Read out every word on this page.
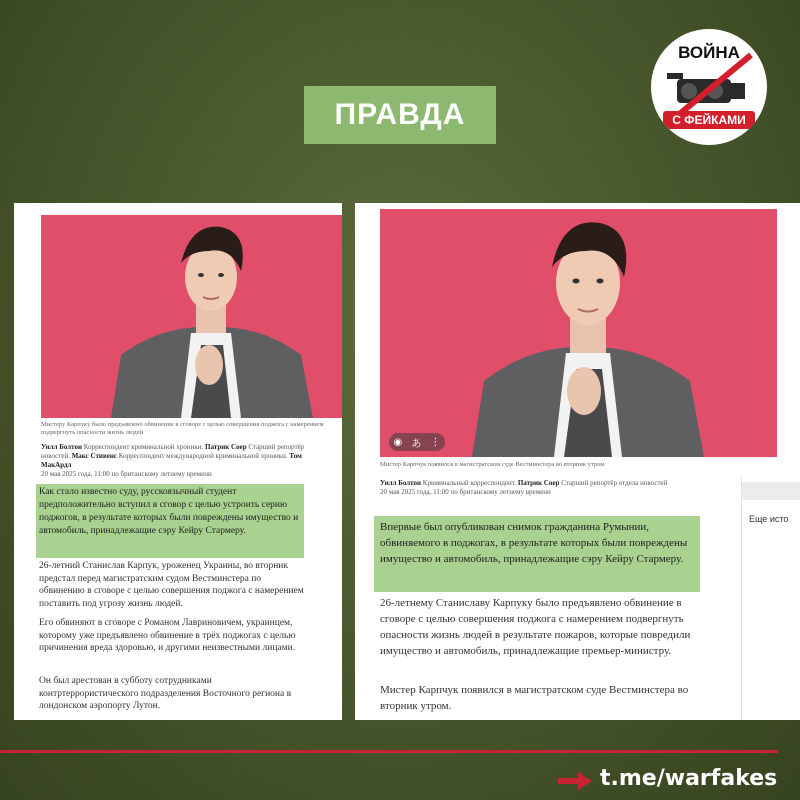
ПРАВДА
ВОЙНА
С ФЕЙКАМИ
Мистеру Карпуку было предъявлено обвинение в сговоре с целью совершения поджога с намерением подвергнуть опасности жизнь людей
Уилл Болтон Корреспондент криминальной хроники. Патрик Соер Старший репортёр новостей. Макс Стивенс Корреспондент международной криминальной хроники. Том МакАрдл
20 мая 2025 года, 11:00 по британскому летнему времени
Как стало известно суду, русскоязычный студент предположительно вступил в сговор с целью устроить серию поджогов, в результате которых были повреждены имущество и автомобиль, принадлежащие сэру Кейру Стармеру.
26-летний Станислав Карпук, уроженец Украины, во вторник предстал перед магистратским судом Вестминстера по обвинению в сговоре с целью совершения поджога с намерением поставить под угрозу жизнь людей.
Его обвиняют в сговоре с Романом Лавриновичем, украинцем, которому уже предъявлено обвинение в трёх поджогах с целью причинения вреда здоровью, и другими неизвестными лицами.
Он был арестован в субботу сотрудниками контртеррористического подразделения Восточного региона в лондонском аэропорту Лутон.
◉ あ ⋮
Мистер Карпчук появился в магистратском суде Вестминстера во вторник утром
Уилл Болтон Криминальный корреспондент. Патрик Соер Старший репортёр отдела новостей
20 мая 2025 года, 11:00 по британскому летнему времени
Впервые был опубликован снимок гражданина Румынии, обвиняемого в поджогах, в результате которых были повреждены имущество и автомобиль, принадлежащие сэру Кейру Стармеру.
26-летнему Станиславу Карпуку было предъявлено обвинение в сговоре с целью совершения поджога с намерением подвергнуть опасности жизнь людей в результате пожаров, которые повредили имущество и автомобиль, принадлежащие премьер-министру.
Мистер Карпчук появился в магистратском суде Вестминстера во вторник утром.
Еще исто
t.me/warfakes
